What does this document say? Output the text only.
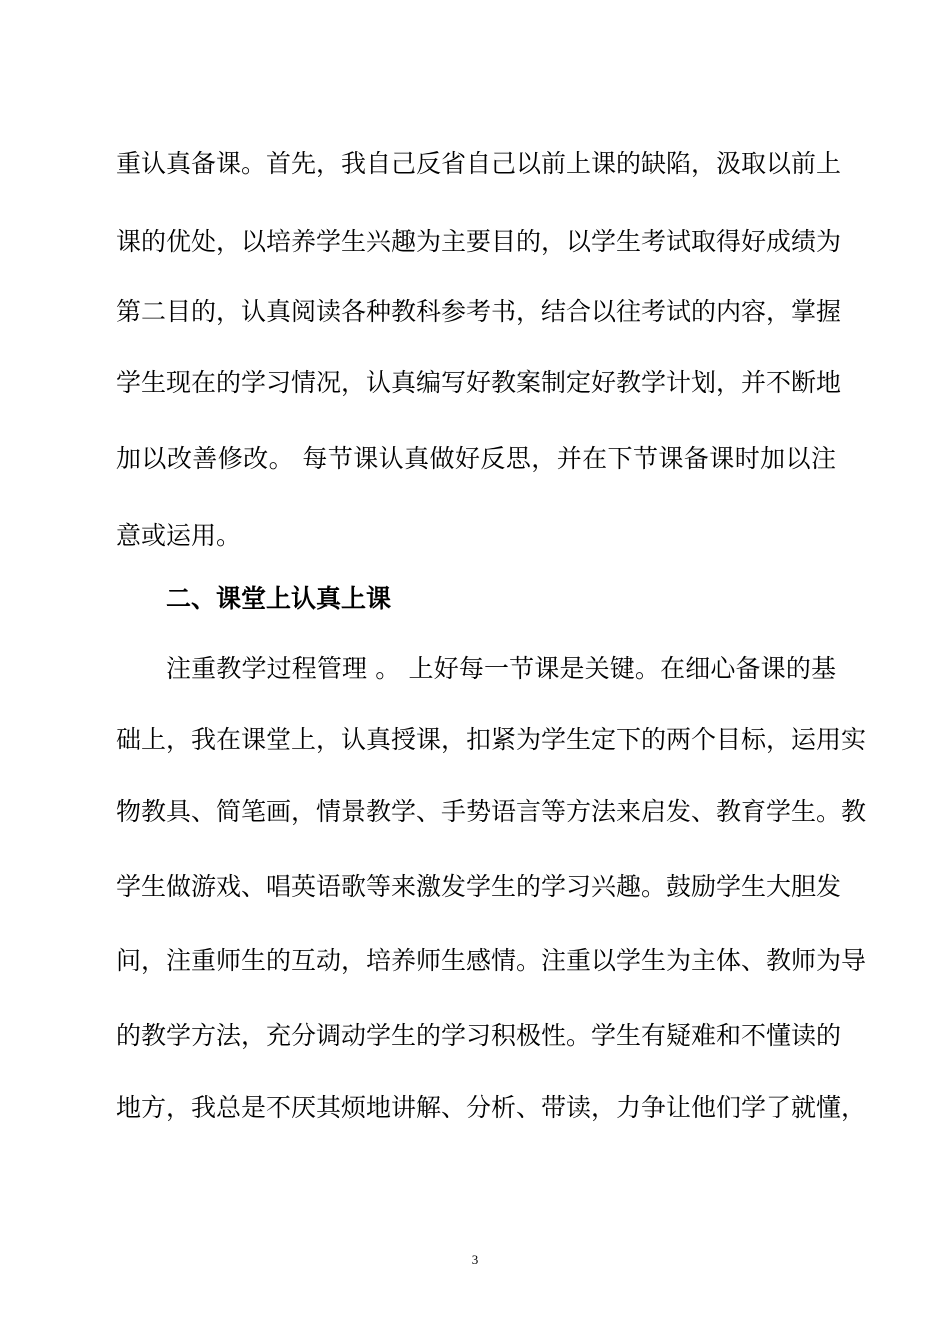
重认真备课。首先，我自己反省自己以前上课的缺陷，汲取以前上
课的优处，以培养学生兴趣为主要目的，以学生考试取得好成绩为
第二目的，认真阅读各种教科参考书，结合以往考试的内容，掌握
学生现在的学习情况，认真编写好教案制定好教学计划，并不断地
加以改善修改。 每节课认真做好反思，并在下节课备课时加以注
意或运用。
二、课堂上认真上课
注重教学过程管理 。 上好每一节课是关键。在细心备课的基
础上，我在课堂上，认真授课，扣紧为学生定下的两个目标，运用实
物教具、简笔画，情景教学、手势语言等方法来启发、教育学生。教
学生做游戏、唱英语歌等来激发学生的学习兴趣。鼓励学生大胆发
问，注重师生的互动，培养师生感情。注重以学生为主体、教师为导
的教学方法，充分调动学生的学习积极性。学生有疑难和不懂读的
地方，我总是不厌其烦地讲解、分析、带读，力争让他们学了就懂，
3
